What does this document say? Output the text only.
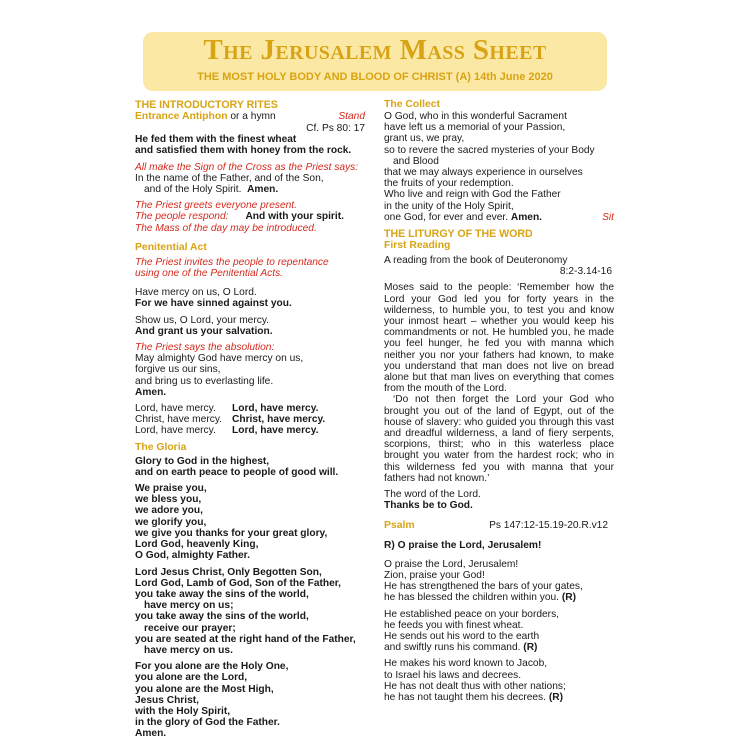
The Jerusalem Mass Sheet
THE MOST HOLY BODY AND BLOOD OF CHRIST (A) 14th June 2020
THE INTRODUCTORY RITES
Entrance Antiphon or a hymn	Stand
Cf. Ps 80: 17
He fed them with the finest wheat
and satisfied them with honey from the rock.
All make the Sign of the Cross as the Priest says:
In the name of the Father, and of the Son,
and of the Holy Spirit. Amen.
The Priest greets everyone present.
The people respond: And with your spirit.
The Mass of the day may be introduced.
Penitential Act
The Priest invites the people to repentance
using one of the Penitential Acts.
Have mercy on us, O Lord.
For we have sinned against you.
Show us, O Lord, your mercy.
And grant us your salvation.
The Priest says the absolution:
May almighty God have mercy on us,
forgive us our sins,
and bring us to everlasting life.
Amen.
Lord, have mercy.	Lord, have mercy.
Christ, have mercy. Christ, have mercy.
Lord, have mercy.	Lord, have mercy.
The Gloria
Glory to God in the highest,
and on earth peace to people of good will.
We praise you,
we bless you,
we adore you,
we glorify you,
we give you thanks for your great glory,
Lord God, heavenly King,
O God, almighty Father.
Lord Jesus Christ, Only Begotten Son,
Lord God, Lamb of God, Son of the Father,
you take away the sins of the world,
have mercy on us;
you take away the sins of the world,
receive our prayer;
you are seated at the right hand of the Father,
have mercy on us.
For you alone are the Holy One,
you alone are the Lord,
you alone are the Most High,
Jesus Christ,
with the Holy Spirit,
in the glory of God the Father.
Amen.
The Collect
O God, who in this wonderful Sacrament
have left us a memorial of your Passion,
grant us, we pray,
so to revere the sacred mysteries of your Body
and Blood
that we may always experience in ourselves
the fruits of your redemption.
Who live and reign with God the Father
in the unity of the Holy Spirit,
one God, for ever and ever. Amen.	Sit
THE LITURGY OF THE WORD
First Reading
A reading from the book of Deuteronomy
8:2-3.14-16
Moses said to the people: ‘Remember how the Lord your God led you for forty years in the wilderness, to humble you, to test you and know your inmost heart – whether you would keep his commandments or not. He humbled you, he made you feel hunger, he fed you with manna which neither you nor your fathers had known, to make you understand that man does not live on bread alone but that man lives on everything that comes from the mouth of the Lord.
‘Do not then forget the Lord your God who brought you out of the land of Egypt, out of the house of slavery: who guided you through this vast and dreadful wilderness, a land of fiery serpents, scorpions, thirst; who in this waterless place brought you water from the hardest rock; who in this wilderness fed you with manna that your fathers had not known.’
The word of the Lord.
Thanks be to God.
Psalm	Ps 147:12-15.19-20.R.v12
R) O praise the Lord, Jerusalem!
O praise the Lord, Jerusalem!
Zion, praise your God!
He has strengthened the bars of your gates,
he has blessed the children within you. (R)
He established peace on your borders,
he feeds you with finest wheat.
He sends out his word to the earth
and swiftly runs his command. (R)
He makes his word known to Jacob,
to Israel his laws and decrees.
He has not dealt thus with other nations;
he has not taught them his decrees. (R)
